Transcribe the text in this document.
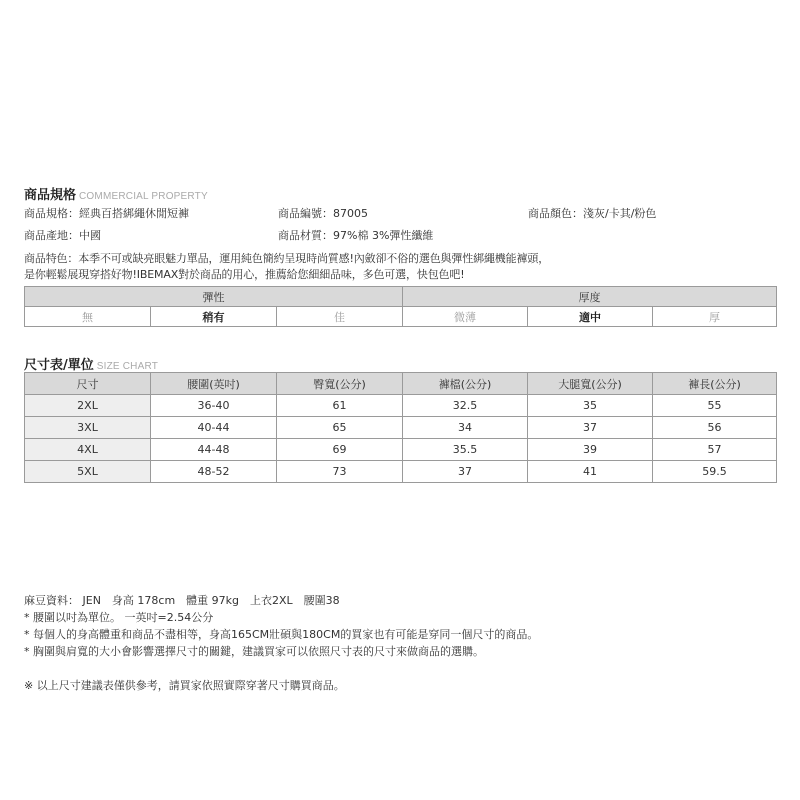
商品規格 COMMERCIAL PROPERTY
商品規格：經典百搭綁繩休閒短褲	商品編號：87005	商品顏色：淺灰/卡其/粉色
商品產地：中國	商品材質：97%棉 3%彈性纖維
商品特色：本季不可或缺亮眼魅力單品，運用純色簡約呈現時尚質感!內斂卻不俗的選色與彈性綁繩機能褲頭，
是你輕鬆展現穿搭好物!IBEMAX對於商品的用心，推薦給您細細品味，多色可選，快包色吧!
彈性			厚度		
無	稍有	佳	微薄	適中	厚
尺寸表/單位 SIZE CHART
尺寸	腰圍(英吋)	臀寬(公分)	褲檔(公分)	大腿寬(公分)	褲長(公分)
2XL	36-40	61	32.5	35	55
3XL	40-44	65	34	37	56
4XL	44-48	69	35.5	39	57
5XL	48-52	73	37	41	59.5
麻豆資料： JEN　身高 178cm　體重 97kg　上衣2XL　腰圍38
* 腰圍以吋為單位。 一英吋=2.54公分
* 每個人的身高體重和商品不盡相等，身高165CM壯碩與180CM的買家也有可能是穿同一個尺寸的商品。
* 胸圍與肩寬的大小會影響選擇尺寸的關鍵，建議買家可以依照尺寸表的尺寸來做商品的選購。
※ 以上尺寸建議表僅供參考，請買家依照實際穿著尺寸購買商品。
